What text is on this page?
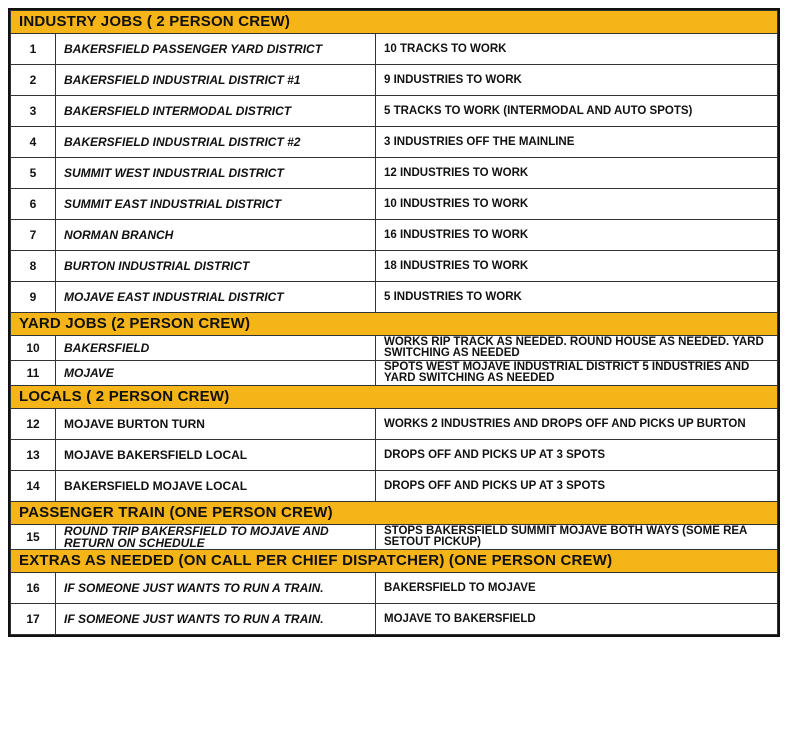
INDUSTRY JOBS ( 2 PERSON CREW)		
1	BAKERSFIELD PASSENGER YARD DISTRICT	10 TRACKS TO WORK
2	BAKERSFIELD INDUSTRIAL DISTRICT #1	9 INDUSTRIES TO WORK
3	BAKERSFIELD INTERMODAL DISTRICT	5 TRACKS TO WORK (INTERMODAL AND AUTO SPOTS)
4	BAKERSFIELD INDUSTRIAL DISTRICT #2	3 INDUSTRIES OFF THE MAINLINE
5	SUMMIT WEST INDUSTRIAL DISTRICT	12 INDUSTRIES TO WORK
6	SUMMIT EAST INDUSTRIAL DISTRICT	10 INDUSTRIES TO WORK
7	NORMAN BRANCH	16 INDUSTRIES TO WORK
8	BURTON INDUSTRIAL DISTRICT	18 INDUSTRIES TO WORK
9	MOJAVE EAST INDUSTRIAL DISTRICT	5 INDUSTRIES TO WORK
YARD JOBS (2 PERSON CREW)		
10	BAKERSFIELD	WORKS RIP TRACK AS NEEDED. ROUND HOUSE AS NEEDED. YARD SWITCHING AS NEEDED
11	MOJAVE	SPOTS WEST MOJAVE INDUSTRIAL DISTRICT 5 INDUSTRIES AND YARD SWITCHING AS NEEDED
LOCALS ( 2 PERSON CREW)		
12	MOJAVE BURTON TURN	WORKS 2 INDUSTRIES AND DROPS OFF AND PICKS UP BURTON
13	MOJAVE BAKERSFIELD LOCAL	DROPS OFF AND PICKS UP AT 3 SPOTS
14	BAKERSFIELD MOJAVE LOCAL	DROPS OFF AND PICKS UP AT 3 SPOTS
PASSENGER TRAIN (ONE PERSON CREW)		
15	ROUND TRIP BAKERSFIELD TO MOJAVE AND RETURN ON SCHEDULE	STOPS BAKERSFIELD SUMMIT MOJAVE BOTH WAYS (SOME REA SETOUT PICKUP)
EXTRAS AS NEEDED (ON CALL PER CHIEF DISPATCHER) (ONE PERSON CREW)		
16	IF SOMEONE JUST WANTS TO RUN A TRAIN.	BAKERSFIELD TO MOJAVE
17	IF SOMEONE JUST WANTS TO RUN A TRAIN.	MOJAVE TO BAKERSFIELD
